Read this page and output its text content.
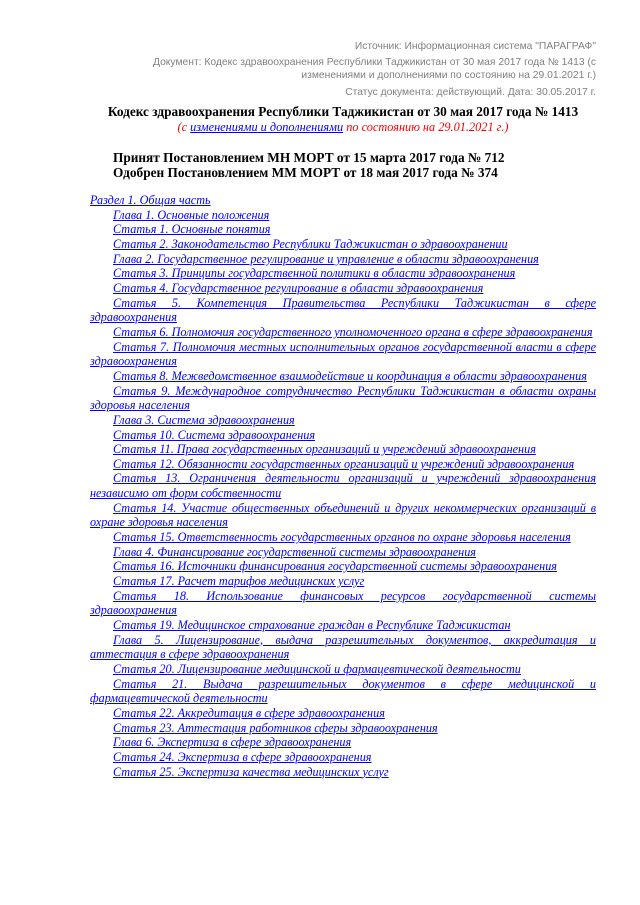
Источник: Информационная система "ПАРАГРАФ"
Документ: Кодекс здравоохранения Республики Таджикистан от 30 мая 2017 года № 1413 (с изменениями и дополнениями по состоянию на 29.01.2021 г.)
Статус документа: действующий. Дата: 30.05.2017 г.
Кодекс здравоохранения Республики Таджикистан от 30 мая 2017 года № 1413
(с изменениями и дополнениями по состоянию на 29.01.2021 г.)
Принят Постановлением МН МОРТ от 15 марта 2017 года № 712
Одобрен Постановлением ММ МОРТ от 18 мая 2017 года № 374
Раздел 1. Общая часть
Глава 1. Основные положения
Статья 1. Основные понятия
Статья 2. Законодательство Республики Таджикистан о здравоохранении
Глава 2. Государственное регулирование и управление в области здравоохранения
Статья 3. Принципы государственной политики в области здравоохранения
Статья 4. Государственное регулирование в области здравоохранения
Статья 5. Компетенция Правительства Республики Таджикистан в сфере здравоохранения
Статья 6. Полномочия государственного уполномоченного органа в сфере здравоохранения
Статья 7. Полномочия местных исполнительных органов государственной власти в сфере здравоохранения
Статья 8. Межведомственное взаимодействие и координация в области здравоохранения
Статья 9. Международное сотрудничество Республики Таджикистан в области охраны здоровья населения
Глава 3. Система здравоохранения
Статья 10. Система здравоохранения
Статья 11. Права государственных организаций и учреждений здравоохранения
Статья 12. Обязанности государственных организаций и учреждений здравоохранения
Статья 13. Ограничения деятельности организаций и учреждений здравоохранения независимо от форм собственности
Статья 14. Участие общественных объединений и других некоммерческих организаций в охране здоровья населения
Статья 15. Ответственность государственных органов по охране здоровья населения
Глава 4. Финансирование государственной системы здравоохранения
Статья 16. Источники финансирования государственной системы здравоохранения
Статья 17. Расчет тарифов медицинских услуг
Статья 18. Использование финансовых ресурсов государственной системы здравоохранения
Статья 19. Медицинское страхование граждан в Республике Таджикистан
Глава 5. Лицензирование, выдача разрешительных документов, аккредитация и аттестация в сфере здравоохранения
Статья 20. Лицензирование медицинской и фармацевтической деятельности
Статья 21. Выдача разрешительных документов в сфере медицинской и фармацевтической деятельности
Статья 22. Аккредитация в сфере здравоохранения
Статья 23. Аттестация работников сферы здравоохранения
Глава 6. Экспертиза в сфере здравоохранения
Статья 24. Экспертиза в сфере здравоохранения
Статья 25. Экспертиза качества медицинских услуг
